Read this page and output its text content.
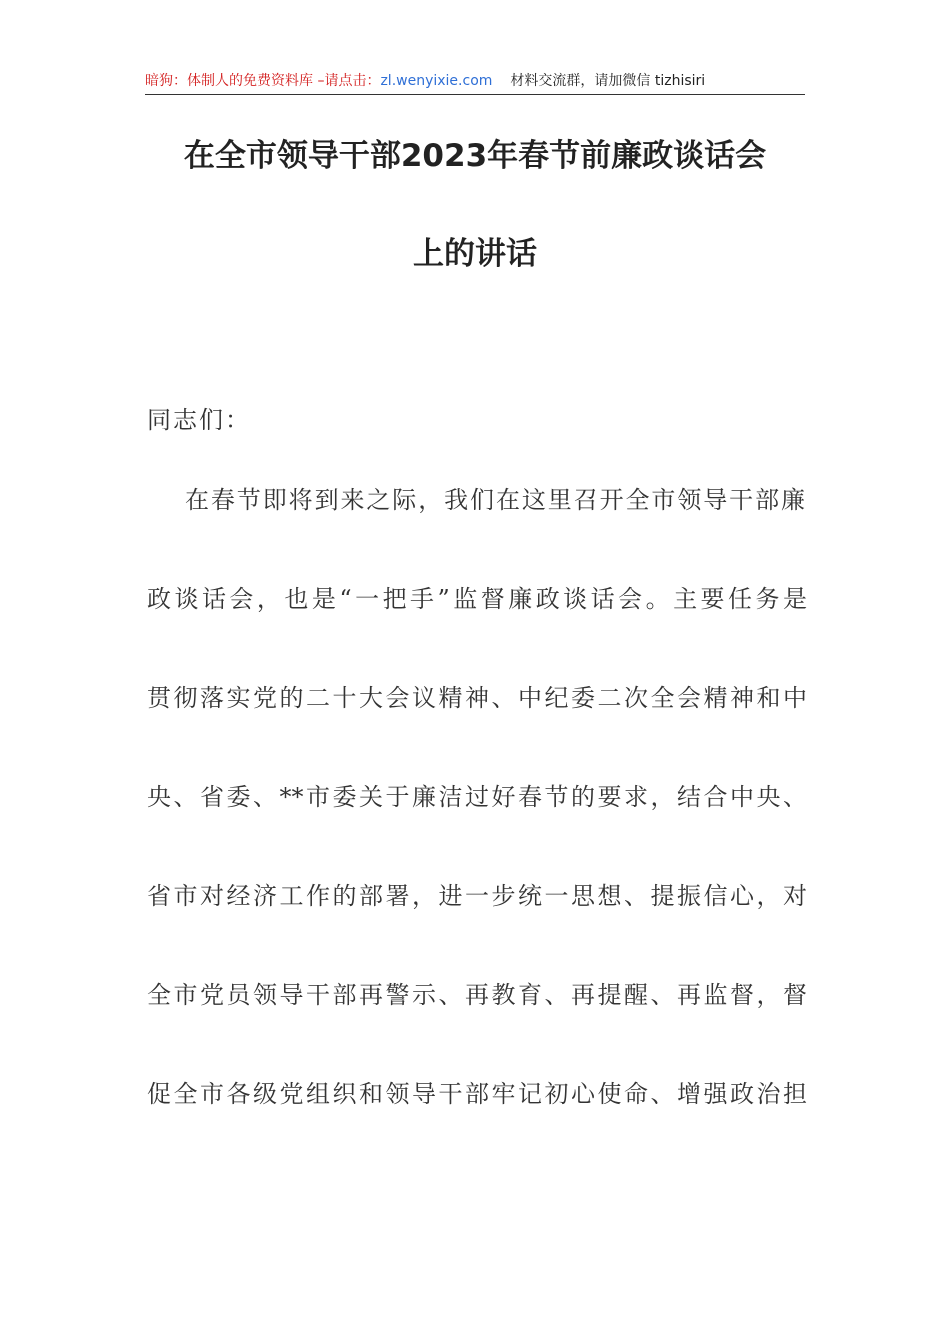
暗狗：体制人的免费资料库 –请点击：zl.wenyixie.com 材料交流群，请加微信 tizhisiri
在全市领导干部2023年春节前廉政谈话会
上的讲话
同志们：
在春节即将到来之际，我们在这里召开全市领导干部廉
政谈话会，也是“一把手”监督廉政谈话会。主要任务是
贯彻落实党的二十大会议精神、中纪委二次全会精神和中
央、省委、**市委关于廉洁过好春节的要求，结合中央、
省市对经济工作的部署，进一步统一思想、提振信心，对
全市党员领导干部再警示、再教育、再提醒、再监督，督
促全市各级党组织和领导干部牢记初心使命、增强政治担
